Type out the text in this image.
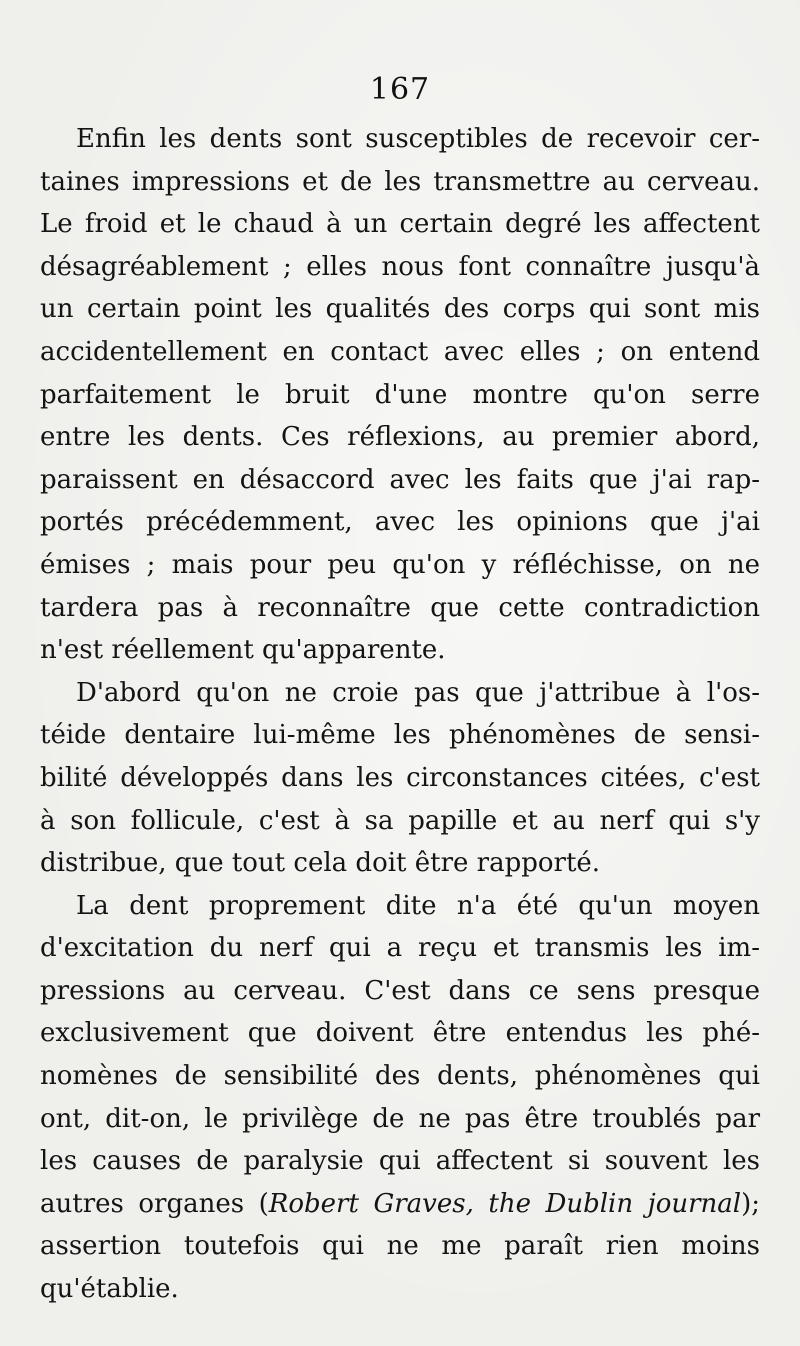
167

Enfin les dents sont susceptibles de recevoir cer-
taines impressions et de les transmettre au cerveau.
Le froid et le chaud à un certain degré les affectent
désagréablement ; elles nous font connaître jusqu'à
un certain point les qualités des corps qui sont mis
accidentellement en contact avec elles ; on entend
parfaitement le bruit d'une montre qu'on serre
entre les dents. Ces réflexions, au premier abord,
paraissent en désaccord avec les faits que j'ai rap-
portés précédemment, avec les opinions que j'ai
émises ; mais pour peu qu'on y réfléchisse, on ne
tardera pas à reconnaître que cette contradiction
n'est réellement qu'apparente.

D'abord qu'on ne croie pas que j'attribue à l'os-
téide dentaire lui-même les phénomènes de sensi-
bilité développés dans les circonstances citées, c'est
à son follicule, c'est à sa papille et au nerf qui s'y
distribue, que tout cela doit être rapporté.

La dent proprement dite n'a été qu'un moyen
d'excitation du nerf qui a reçu et transmis les im-
pressions au cerveau. C'est dans ce sens presque
exclusivement que doivent être entendus les phé-
nomènes de sensibilité des dents, phénomènes qui
ont, dit-on, le privilège de ne pas être troublés par
les causes de paralysie qui affectent si souvent les
autres organes (Robert Graves, the Dublin journal);
assertion toutefois qui ne me paraît rien moins
qu'établie.
